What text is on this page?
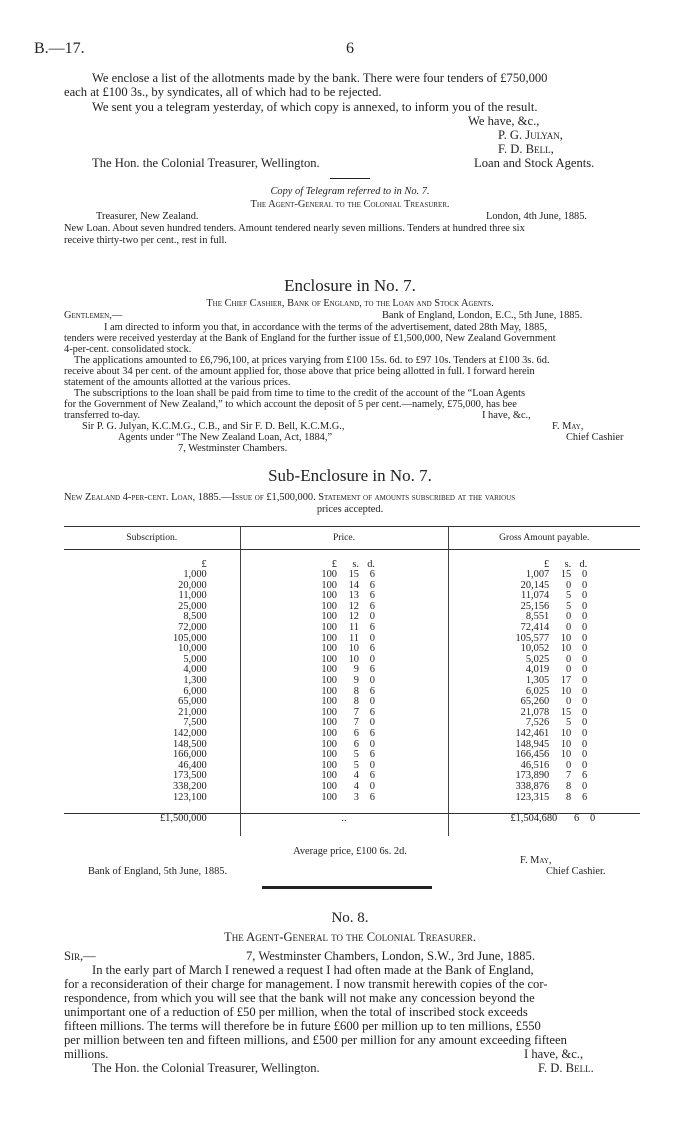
B.—17.	6
We enclose a list of the allotments made by the bank. There were four tenders of £750,000
each at £100 3s., by syndicates, all of which had to be rejected.
We sent you a telegram yesterday, of which copy is annexed, to inform you of the result.
We have, &c.,
P. G. Julyan,
F. D. Bell,
Loan and Stock Agents.
The Hon. the Colonial Treasurer, Wellington.
Copy of Telegram referred to in No. 7.
The Agent-General to the Colonial Treasurer.
Treasurer, New Zealand.	London, 4th June, 1885.
New Loan. About seven hundred tenders. Amount tendered nearly seven millions. Tenders at hundred three six
receive thirty-two per cent., rest in full.
Enclosure in No. 7.
The Chief Cashier, Bank of England, to the Loan and Stock Agents.
Gentlemen,—	Bank of England, London, E.C., 5th June, 1885.
I am directed to inform you that, in accordance with the terms of the advertisement, dated 28th May, 1885,
tenders were received yesterday at the Bank of England for the further issue of £1,500,000, New Zealand Government
4-per-cent. consolidated stock.
The applications amounted to £6,796,100, at prices varying from £100 15s. 6d. to £97 10s. Tenders at £100 3s. 6d.
receive about 34 per cent. of the amount applied for, those above that price being allotted in full. I forward herein
statement of the amounts allotted at the various prices.
The subscriptions to the loan shall be paid from time to time to the credit of the account of the “Loan Agents
for the Government of New Zealand,” to which account the deposit of 5 per cent.—namely, £75,000, has bee
transferred to-day.	I have, &c.,
Sir P. G. Julyan, K.C.M.G., C.B., and Sir F. D. Bell, K.C.M.G.,
Agents under “The New Zealand Loan, Act, 1884,”
7, Westminster Chambers.
F. May,
Chief Cashier
Sub-Enclosure in No. 7.
New Zealand 4-per-cent. Loan, 1885.—Issue of £1,500,000. Statement of amounts subscribed at the various
prices accepted.
Subscription.	Price.	Gross Amount payable.

£	£ s. d.	£ s. d.
1,000	100 15 6	1,007 15 0
20,000	100 14 6	20,145 0 0
11,000	100 13 6	11,074 5 0
25,000	100 12 6	25,156 5 0
8,500	100 12 0	8,551 0 0
72,000	100 11 6	72,414 0 0
105,000	100 11 0	105,577 10 0
10,000	100 10 6	10,052 10 0
5,000	100 10 0	5,025 0 0
4,000	100 9 6	4,019 0 0
1,300	100 9 0	1,305 17 0
6,000	100 8 6	6,025 10 0
65,000	100 8 0	65,260 0 0
21,000	100 7 6	21,078 15 0
7,500	100 7 0	7,526 5 0
142,000	100 6 6	142,461 10 0
148,500	100 6 0	148,945 10 0
166,000	100 5 6	166,456 10 0
46,400	100 5 0	46,516 0 0
173,500	100 4 6	173,890 7 6
338,200	100 4 0	338,876 8 0
123,100	100 3 6	123,315 8 6

£1,500,000	..	£1,504,680 6 0
Average price, £100 6s. 2d.
F. May,
Bank of England, 5th June, 1885.	Chief Cashier.
No. 8.
The Agent-General to the Colonial Treasurer.
Sir,—	7, Westminster Chambers, London, S.W., 3rd June, 1885.
In the early part of March I renewed a request I had often made at the Bank of England,
for a reconsideration of their charge for management. I now transmit herewith copies of the cor-
respondence, from which you will see that the bank will not make any concession beyond the
unimportant one of a reduction of £50 per million, when the total of inscribed stock exceeds
fifteen millions. The terms will therefore be in future £600 per million up to ten millions, £550
per million between ten and fifteen millions, and £500 per million for any amount exceeding fifteen
millions.	I have, &c.,
The Hon. the Colonial Treasurer, Wellington.	F. D. Bell.
